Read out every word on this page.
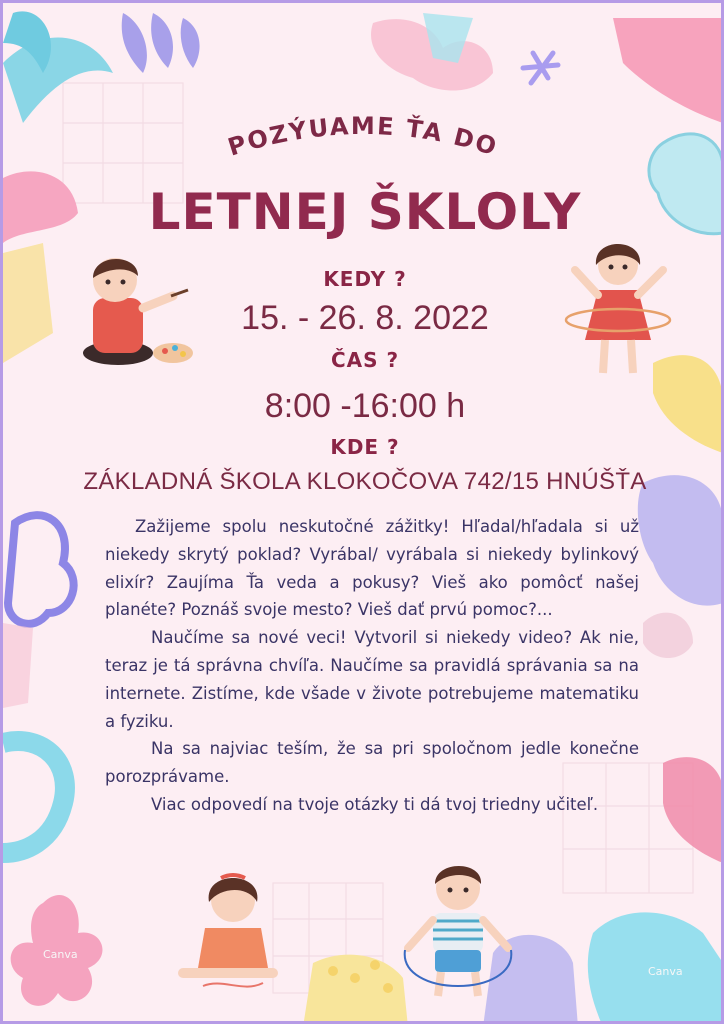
POZÝUAME ŤA DO
LETNEJ ŠKLOLY
KEDY ?
15. - 26. 8. 2022
ČAS ?
8:00 -16:00 h
KDE ?
ZÁKLADNÁ ŠKOLA KLOKOČOVA 742/15 HNÚŠŤA

Zažijeme spolu neskutočné zážitky! Hľadal/hľadala si už niekedy skrytý poklad? Vyrábal/ vyrábala si niekedy bylinkový elixír? Zaujíma Ťa veda a pokusy? Vieš ako pomôcť našej planéte? Poznáš svoje mesto? Vieš dať prvú pomoc?...

Naučíme sa nové veci! Vytvoril si niekedy video? Ak nie, teraz je tá správna chvíľa. Naučíme sa pravidlá správania sa na internete. Zistíme, kde všade v živote potrebujeme matematiku a fyziku.

Na sa najviac teším, že sa pri spoločnom jedle konečne porozprávame.

Viac odpovedí na tvoje otázky ti dá tvoj triedny učiteľ.

Canva
Canva
